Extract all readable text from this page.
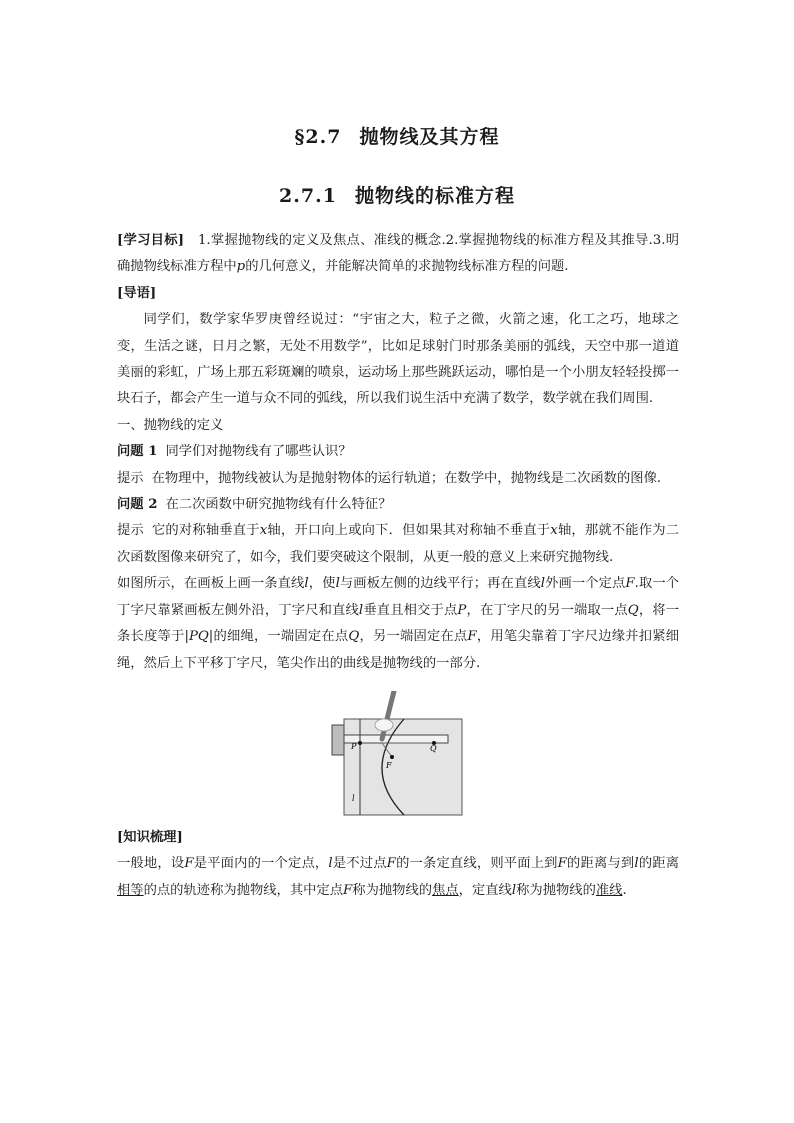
§2.7 抛物线及其方程
2.7.1 抛物线的标准方程

[学习目标]　1.掌握抛物线的定义及焦点、准线的概念.2.掌握抛物线的标准方程及其推导.3.明确抛物线标准方程中p的几何意义，并能解决简单的求抛物线标准方程的问题.

[导语]

同学们，数学家华罗庚曾经说过：“宇宙之大，粒子之微，火箭之速，化工之巧，地球之变，生活之谜，日月之繁，无处不用数学”，比如足球射门时那条美丽的弧线，天空中那一道道美丽的彩虹，广场上那五彩斑斓的喷泉，运动场上那些跳跃运动，哪怕是一个小朋友轻轻投掷一块石子，都会产生一道与众不同的弧线，所以我们说生活中充满了数学，数学就在我们周围.

一、抛物线的定义

问题 1 同学们对抛物线有了哪些认识？

提示 在物理中，抛物线被认为是抛射物体的运行轨道；在数学中，抛物线是二次函数的图像.

问题 2 在二次函数中研究抛物线有什么特征？

提示 它的对称轴垂直于x轴，开口向上或向下．但如果其对称轴不垂直于x轴，那就不能作为二次函数图像来研究了，如今，我们要突破这个限制，从更一般的意义上来研究抛物线.

如图所示，在画板上画一条直线l，使l与画板左侧的边线平行；再在直线l外画一个定点F.取一个丁字尺靠紧画板左侧外沿，丁字尺和直线l垂直且相交于点P，在丁字尺的另一端取一点Q，将一条长度等于|PQ|的细绳，一端固定在点Q，另一端固定在点F，用笔尖靠着丁字尺边缘并扣紧细绳，然后上下平移丁字尺，笔尖作出的曲线是抛物线的一部分.

P	Q
F
l

[知识梳理]

一般地，设F是平面内的一个定点，l是不过点F的一条定直线，则平面上到F的距离与到l的距离相等的点的轨迹称为抛物线，其中定点F称为抛物线的焦点，定直线l称为抛物线的准线.
